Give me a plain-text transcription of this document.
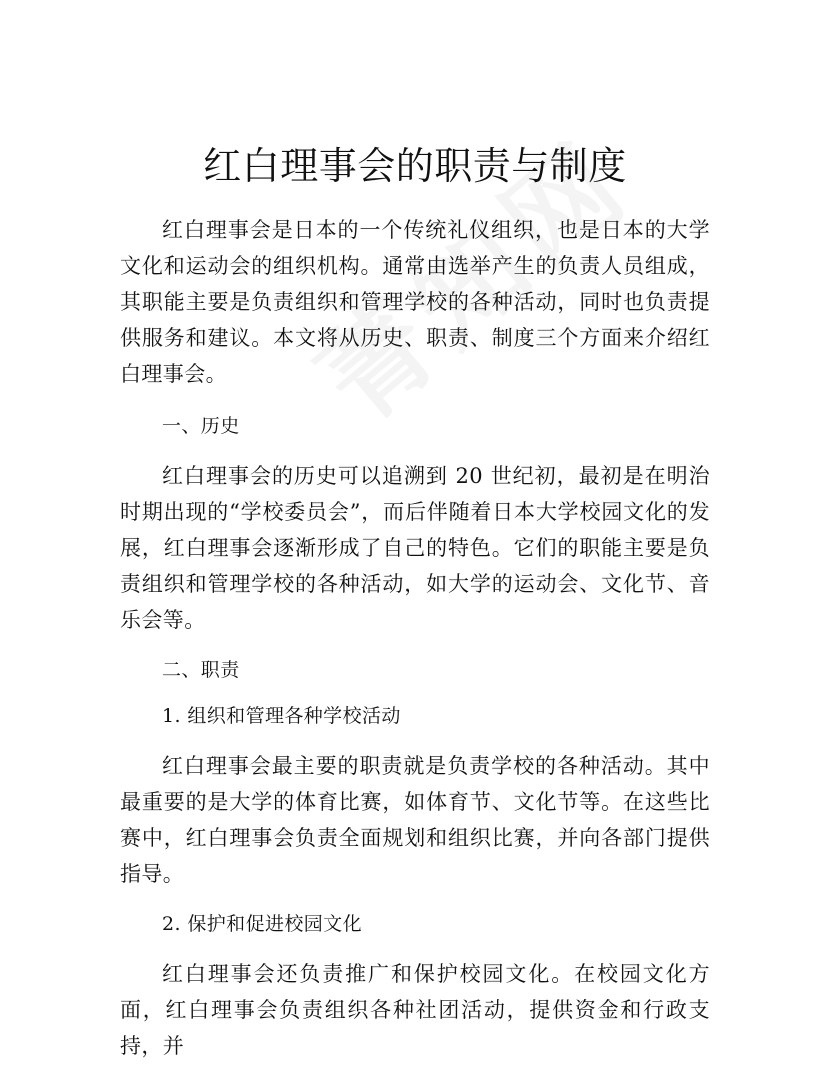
红白理事会的职责与制度

红白理事会是日本的一个传统礼仪组织，也是日本的大学文化和运动会的组织机构。通常由选举产生的负责人员组成，其职能主要是负责组织和管理学校的各种活动，同时也负责提供服务和建议。本文将从历史、职责、制度三个方面来介绍红白理事会。

一、历史

红白理事会的历史可以追溯到 20 世纪初，最初是在明治时期出现的“学校委员会”，而后伴随着日本大学校园文化的发展，红白理事会逐渐形成了自己的特色。它们的职能主要是负责组织和管理学校的各种活动，如大学的运动会、文化节、音乐会等。

二、职责
1. 组织和管理各种学校活动

红白理事会最主要的职责就是负责学校的各种活动。其中最重要的是大学的体育比赛，如体育节、文化节等。在这些比赛中，红白理事会负责全面规划和组织比赛，并向各部门提供指导。

2. 保护和促进校园文化

红白理事会还负责推广和保护校园文化。在校园文化方面，红白理事会负责组织各种社团活动，提供资金和行政支持，并
